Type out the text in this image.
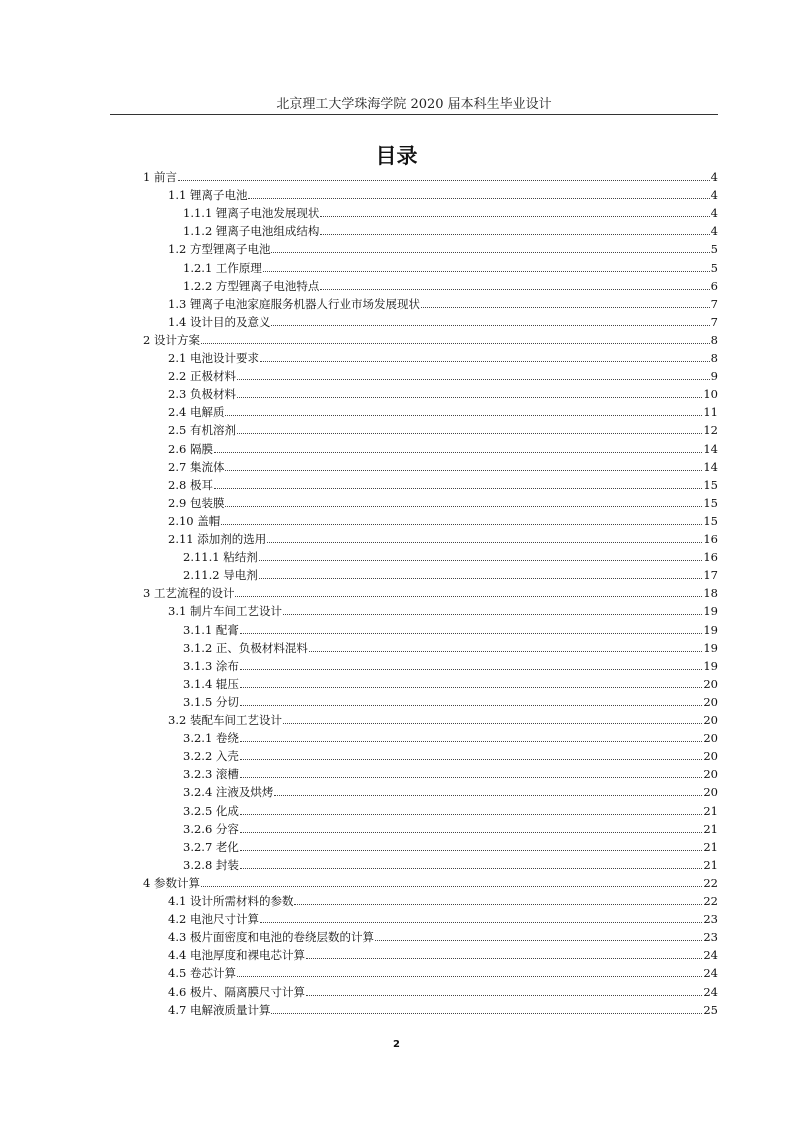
北京理工大学珠海学院 2020 届本科生毕业设计
目录
1 前言	4
1.1 锂离子电池	4
1.1.1 锂离子电池发展现状	4
1.1.2 锂离子电池组成结构	4
1.2 方型锂离子电池	5
1.2.1 工作原理	5
1.2.2 方型锂离子电池特点	6
1.3 锂离子电池家庭服务机器人行业市场发展现状	7
1.4 设计目的及意义	7
2 设计方案	8
2.1 电池设计要求	8
2.2 正极材料	9
2.3 负极材料	10
2.4 电解质	11
2.5 有机溶剂	12
2.6 隔膜	14
2.7 集流体	14
2.8 极耳	15
2.9 包装膜	15
2.10 盖帽	15
2.11 添加剂的选用	16
2.11.1 粘结剂	16
2.11.2 导电剂	17
3 工艺流程的设计	18
3.1 制片车间工艺设计	19
3.1.1 配膏	19
3.1.2 正、负极材料混料	19
3.1.3 涂布	19
3.1.4 辊压	20
3.1.5 分切	20
3.2 装配车间工艺设计	20
3.2.1 卷绕	20
3.2.2 入壳	20
3.2.3 滚槽	20
3.2.4 注液及烘烤	20
3.2.5 化成	21
3.2.6 分容	21
3.2.7 老化	21
3.2.8 封装	21
4 参数计算	22
4.1 设计所需材料的参数	22
4.2 电池尺寸计算	23
4.3 极片面密度和电池的卷绕层数的计算	23
4.4 电池厚度和裸电芯计算	24
4.5 卷芯计算	24
4.6 极片、隔离膜尺寸计算	24
4.7 电解液质量计算	25
2
